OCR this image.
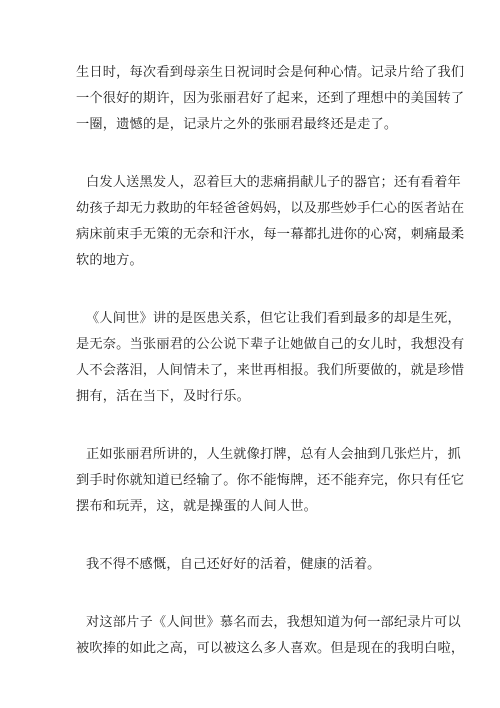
生日时，每次看到母亲生日祝词时会是何种心情。记录片给了我们
一个很好的期许，因为张丽君好了起来，还到了理想中的美国转了
一圈，遗憾的是，记录片之外的张丽君最终还是走了。

白发人送黑发人，忍着巨大的悲痛捐献儿子的器官；还有看着年
幼孩子却无力救助的年轻爸爸妈妈，以及那些妙手仁心的医者站在
病床前束手无策的无奈和汗水，每一幕都扎进你的心窝，刺痛最柔
软的地方。

《人间世》讲的是医患关系，但它让我们看到最多的却是生死，
是无奈。当张丽君的公公说下辈子让她做自己的女儿时，我想没有
人不会落泪，人间情未了，来世再相报。我们所要做的，就是珍惜
拥有，活在当下，及时行乐。

正如张丽君所讲的，人生就像打牌，总有人会抽到几张烂片，抓
到手时你就知道已经输了。你不能悔牌，还不能弃完，你只有任它
摆布和玩弄，这，就是操蛋的人间人世。

我不得不感慨，自己还好好的活着，健康的活着。

对这部片子《人间世》慕名而去，我想知道为何一部纪录片可以
被吹捧的如此之高，可以被这么多人喜欢。但是现在的我明白啦，
